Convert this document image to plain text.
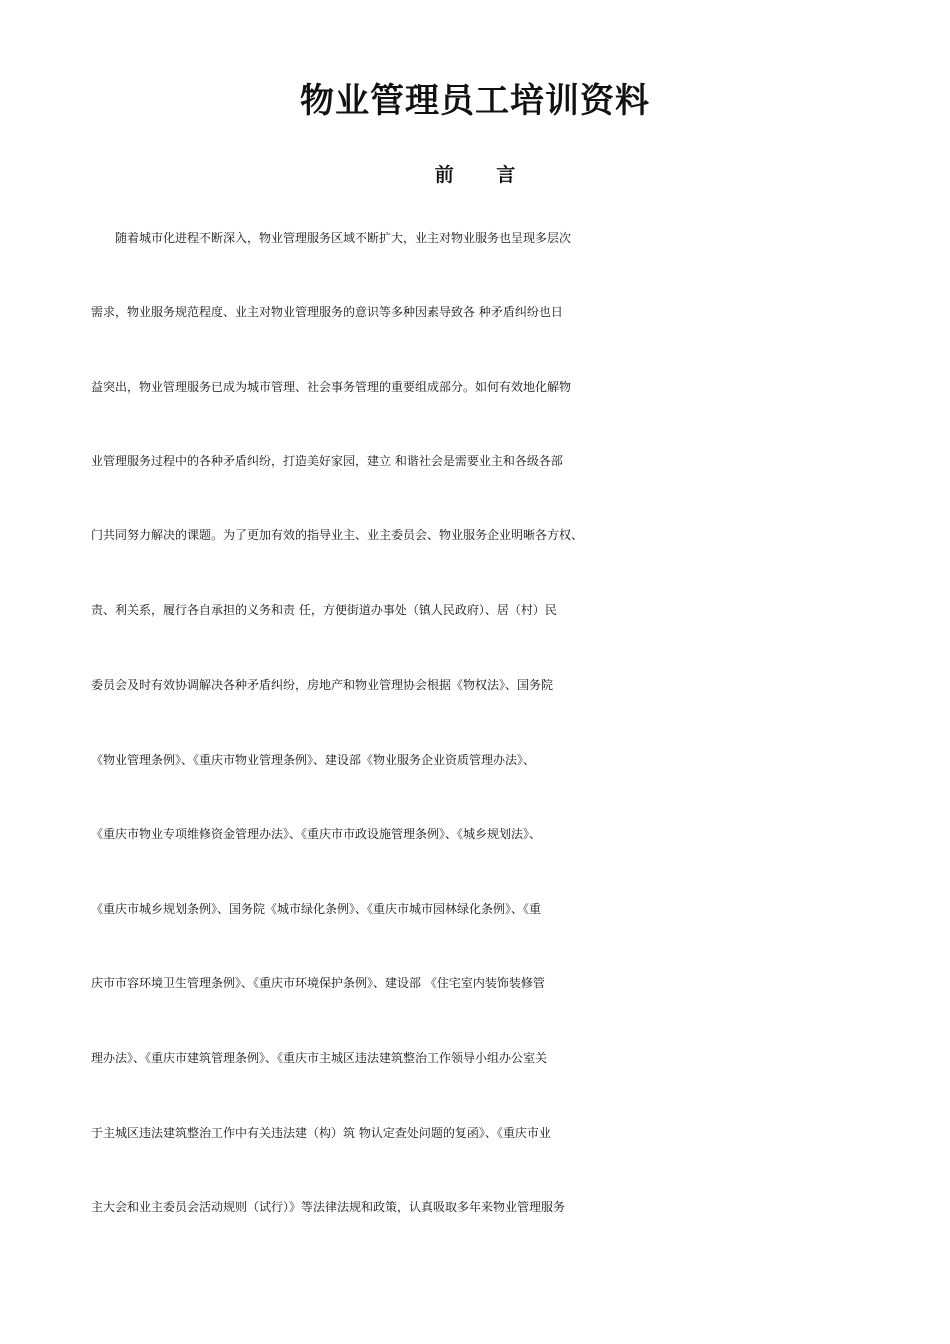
物业管理员工培训资料
前 言
随着城市化进程不断深入，物业管理服务区域不断扩大，业主对物业服务也呈现多层次
需求，物业服务规范程度、业主对物业管理服务的意识等多种因素导致各 种矛盾纠纷也日
益突出，物业管理服务已成为城市管理、社会事务管理的重要组成部分。如何有效地化解物
业管理服务过程中的各种矛盾纠纷，打造美好家园，建立 和谐社会是需要业主和各级各部
门共同努力解决的课题。为了更加有效的指导业主、业主委员会、物业服务企业明晰各方权、
责、利关系，履行各自承担的义务和责 任，方便街道办事处（镇人民政府）、居（村）民
委员会及时有效协调解决各种矛盾纠纷，房地产和物业管理协会根据《物权法》、国务院
《物业管理条例》、《重庆市物业管理条例》、建设部《物业服务企业资质管理办法》、
《重庆市物业专项维修资金管理办法》、《重庆市市政设施管理条例》、《城乡规划法》、
《重庆市城乡规划条例》、国务院《城市绿化条例》、《重庆市城市园林绿化条例》、《重
庆市市容环境卫生管理条例》、《重庆市环境保护条例》、建设部 《住宅室内装饰装修管
理办法》、《重庆市建筑管理条例》、《重庆市主城区违法建筑整治工作领导小组办公室关
于主城区违法建筑整治工作中有关违法建（构）筑 物认定查处问题的复函》、《重庆市业
主大会和业主委员会活动规则（试行）》等法律法规和政策，认真吸取多年来物业管理服务
